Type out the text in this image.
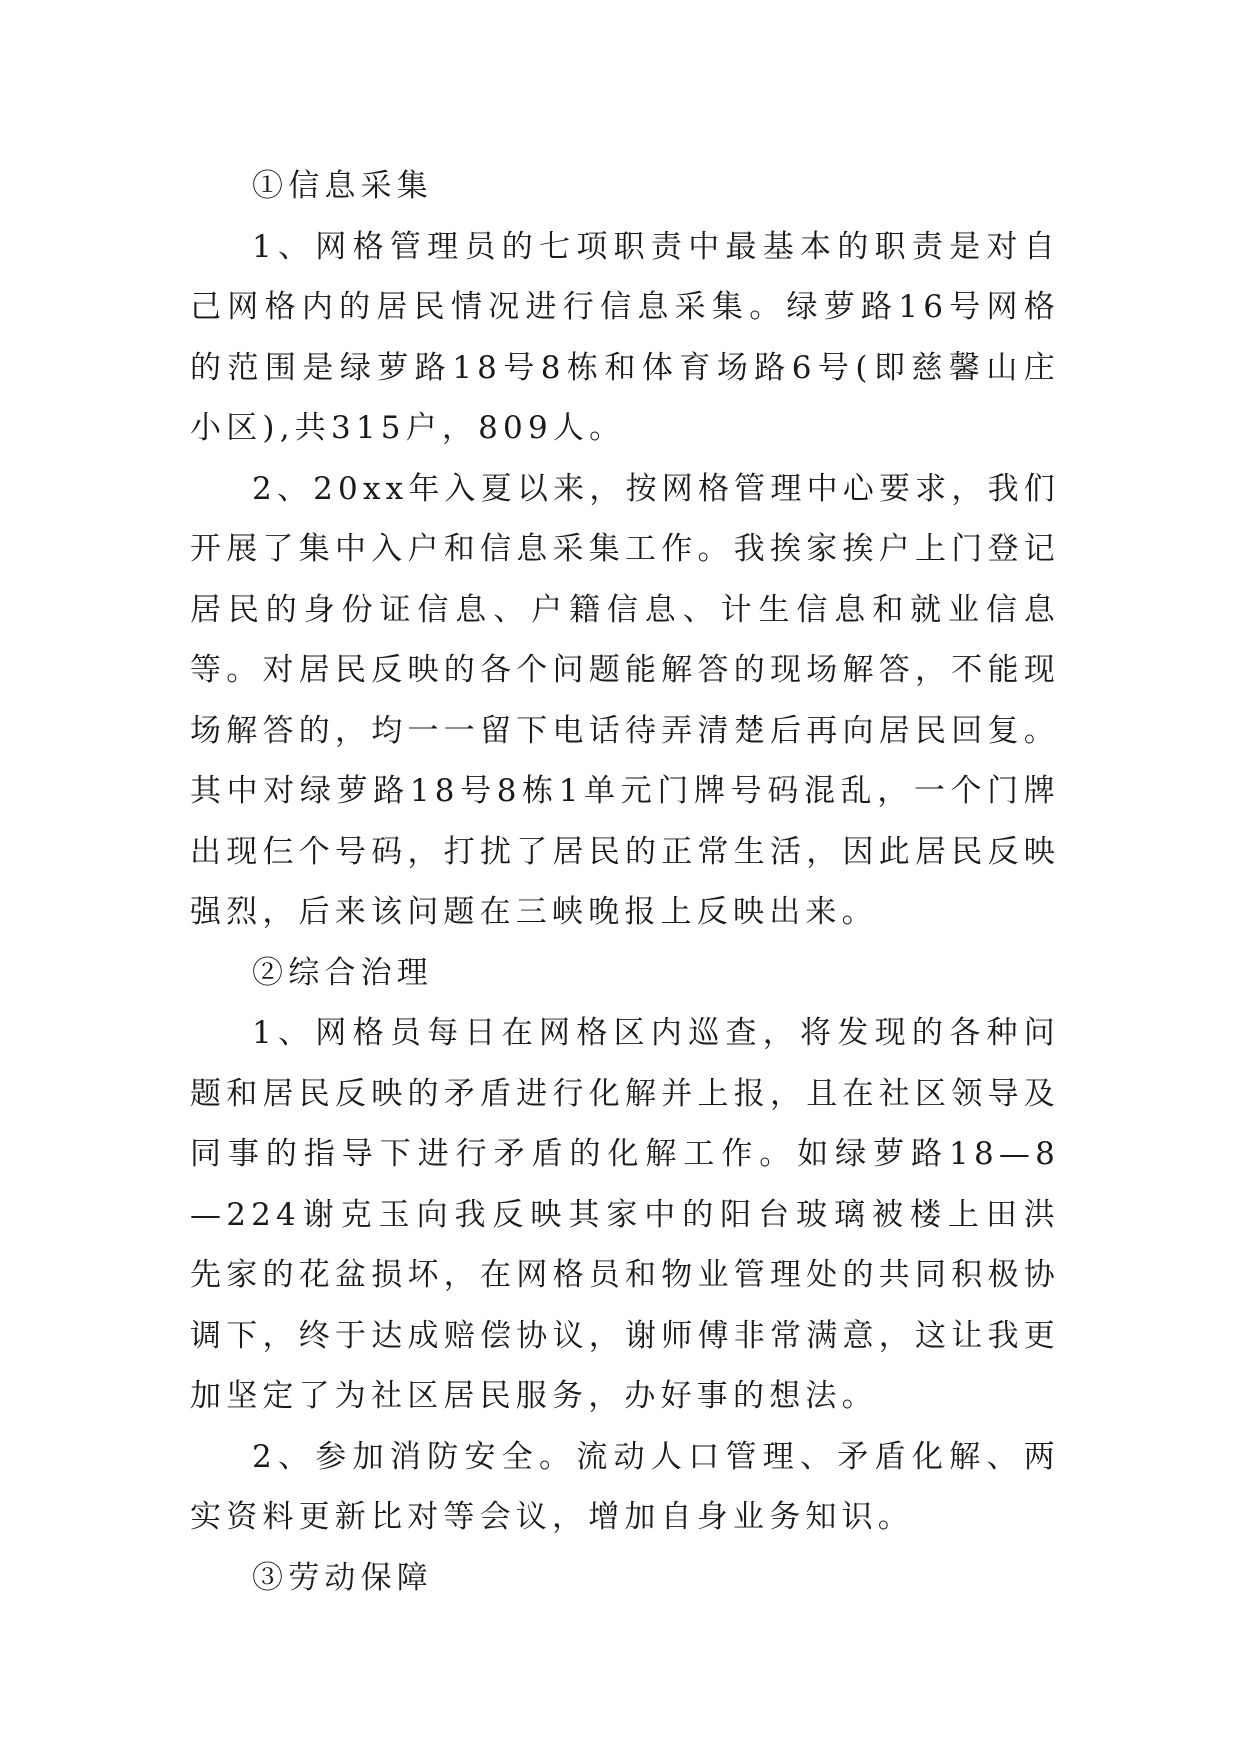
①信息采集

1、网格管理员的七项职责中最基本的职责是对自己网格内的居民情况进行信息采集。绿萝路16号网格的范围是绿萝路18号8栋和体育场路6号(即慈馨山庄小区),共315户，809人。

2、20xx年入夏以来，按网格管理中心要求，我们开展了集中入户和信息采集工作。我挨家挨户上门登记居民的身份证信息、户籍信息、计生信息和就业信息等。对居民反映的各个问题能解答的现场解答，不能现场解答的，均一一留下电话待弄清楚后再向居民回复。其中对绿萝路18号8栋1单元门牌号码混乱，一个门牌出现仨个号码，打扰了居民的正常生活，因此居民反映强烈，后来该问题在三峡晚报上反映出来。

②综合治理

1、网格员每日在网格区内巡查，将发现的各种问题和居民反映的矛盾进行化解并上报，且在社区领导及同事的指导下进行矛盾的化解工作。如绿萝路18—8—224谢克玉向我反映其家中的阳台玻璃被楼上田洪先家的花盆损坏，在网格员和物业管理处的共同积极协调下，终于达成赔偿协议，谢师傅非常满意，这让我更加坚定了为社区居民服务，办好事的想法。

2、参加消防安全。流动人口管理、矛盾化解、两实资料更新比对等会议，增加自身业务知识。

③劳动保障
